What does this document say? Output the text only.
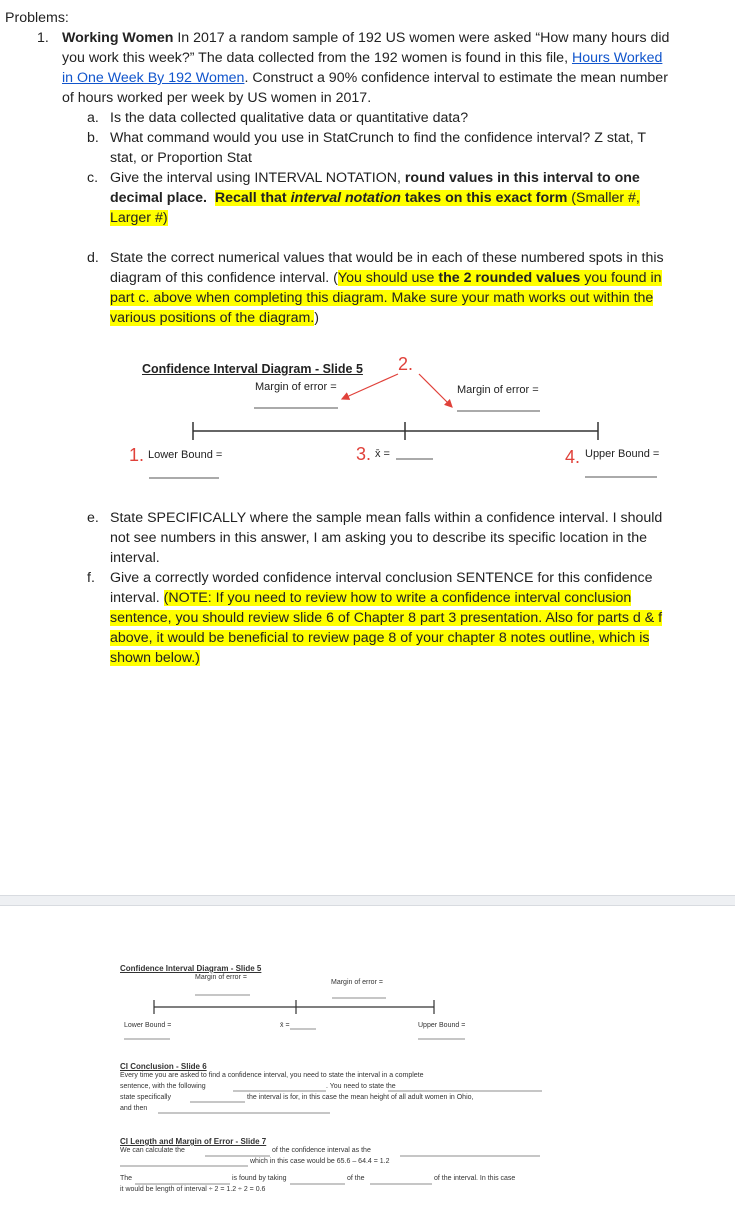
Problems:
1. Working Women In 2017 a random sample of 192 US women were asked “How many hours did
you work this week?” The data collected from the 192 women is found in this file, Hours Worked
in One Week By 192 Women. Construct a 90% confidence interval to estimate the mean number
of hours worked per week by US women in 2017.
a. Is the data collected qualitative data or quantitative data?
b. What command would you use in StatCrunch to find the confidence interval? Z stat, T
stat, or Proportion Stat
c. Give the interval using INTERVAL NOTATION, round values in this interval to one
decimal place. Recall that interval notation takes on this exact form (Smaller #,
Larger #)
d. State the correct numerical values that would be in each of these numbered spots in this
diagram of this confidence interval. (You should use the 2 rounded values you found in
part c. above when completing this diagram. Make sure your math works out within the
various positions of the diagram.)
Confidence Interval Diagram - Slide 5 2.
Margin of error =	Margin of error =
1. Lower Bound =	3. x̄ =	4. Upper Bound =
e. State SPECIFICALLY where the sample mean falls within a confidence interval. I should
not see numbers in this answer, I am asking you to describe its specific location in the
interval.
f. Give a correctly worded confidence interval conclusion SENTENCE for this confidence
interval. (NOTE: If you need to review how to write a confidence interval conclusion
sentence, you should review slide 6 of Chapter 8 part 3 presentation. Also for parts d & f
above, it would be beneficial to review page 8 of your chapter 8 notes outline, which is
shown below.)
Confidence Interval Diagram - Slide 5
Margin of error =
Margin of error =
Lower Bound =	x̄ =	Upper Bound =
CI Conclusion - Slide 6
Every time you are asked to find a confidence interval, you need to state the interval in a complete
sentence, with the following	. You need to state the
state specifically	the interval is for, in this case the mean height of all adult women in Ohio,
and then
CI Length and Margin of Error - Slide 7
We can calculate the	of the confidence interval as the
which in this case would be 65.6 – 64.4 = 1.2
The	is found by taking	of the	of the interval. In this case
it would be length of interval ÷ 2 = 1.2 ÷ 2 = 0.6
